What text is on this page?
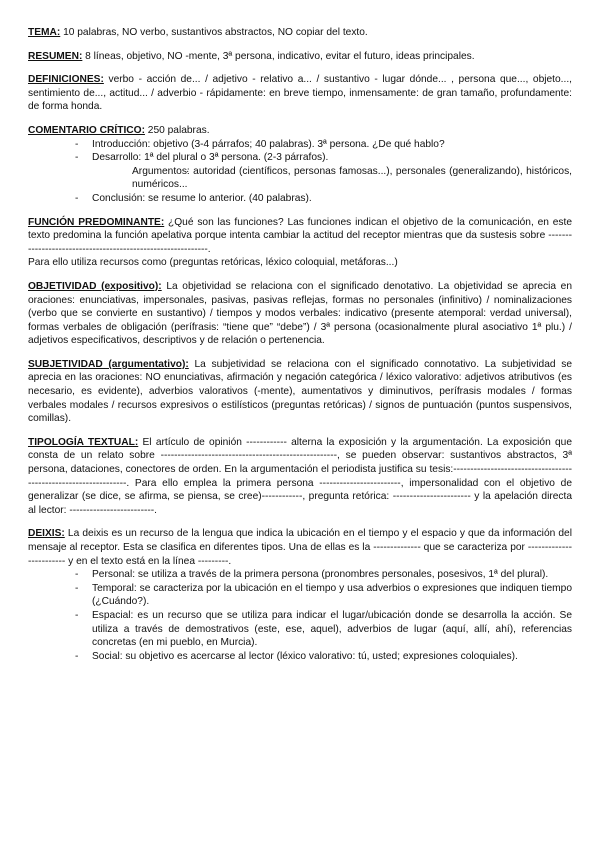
TEMA: 10 palabras, NO verbo, sustantivos abstractos, NO copiar del texto.

RESUMEN: 8 líneas, objetivo, NO -mente, 3ª persona, indicativo, evitar el futuro, ideas principales.

DEFINICIONES: verbo - acción de... / adjetivo - relativo a... / sustantivo - lugar dónde... , persona que..., objeto..., sentimiento de..., actitud... / adverbio - rápidamente: en breve tiempo, inmensamente: de gran tamaño, profundamente: de forma honda.

COMENTARIO CRÍTICO: 250 palabras.

- Introducción: objetivo (3-4 párrafos; 40 palabras). 3ª persona. ¿De qué hablo?
- Desarrollo: 1ª del plural o 3ª persona. (2-3 párrafos).
· Argumentos: autoridad (científicos, personas famosas...), personales (generalizando), históricos, numéricos...
- Conclusión: se resume lo anterior. (40 palabras).

FUNCIÓN PREDOMINANTE: ¿Qué son las funciones? Las funciones indican el objetivo de la comunicación, en este texto predomina la función apelativa porque intenta cambiar la actitud del receptor mientras que da sustesis sobre ------------------------------------------------------------.

Para ello utiliza recursos como (preguntas retóricas, léxico coloquial, metáforas...)

OBJETIVIDAD (expositivo): La objetividad se relaciona con el significado denotativo. La objetividad se aprecia en oraciones: enunciativas, impersonales, pasivas, pasivas reflejas, formas no personales (infinitivo) / nominalizaciones (verbo que se convierte en sustantivo) / tiempos y modos verbales: indicativo (presente atemporal: verdad universal), formas verbales de obligación (perífrasis: “tiene que” “debe”) / 3ª persona (ocasionalmente plural asociativo 1ª plu.) / adjetivos especificativos, descriptivos y de relación o pertenencia.

SUBJETIVIDAD (argumentativo): La subjetividad se relaciona con el significado connotativo. La subjetividad se aprecia en las oraciones: NO enunciativas, afirmación y negación categórica / léxico valorativo: adjetivos atributivos (es necesario, es evidente), adverbios valorativos (-mente), aumentativos y diminutivos, perífrasis modales / formas verbales modales / recursos expresivos o estilísticos (preguntas retóricas) / signos de puntuación (puntos suspensivos, comillas).

TIPOLOGÍA TEXTUAL: El artículo de opinión ------------ alterna la exposición y la argumentación. La exposición que consta de un relato sobre ----------------------------------------------------, se pueden observar: sustantivos abstractos, 3ª persona, dataciones, conectores de orden. En la argumentación el periodista justifica su tesis:----------------------------------------------------------------. Para ello emplea la primera persona ------------------------, impersonalidad con el objetivo de generalizar (se dice, se afirma, se piensa, se cree)------------, pregunta retórica: ----------------------- y la apelación directa al lector: -------------------------.

DEIXIS: La deixis es un recurso de la lengua que indica la ubicación en el tiempo y el espacio y que da información del mensaje al receptor. Esta se clasifica en diferentes tipos. Una de ellas es la -------------- que se caracteriza por ------------------------ y en el texto está en la línea ---------.

- Personal: se utiliza a través de la primera persona (pronombres personales, posesivos, 1ª del plural).
- Temporal: se caracteriza por la ubicación en el tiempo y usa adverbios o expresiones que indiquen tiempo (¿Cuándo?).
- Espacial: es un recurso que se utiliza para indicar el lugar/ubicación donde se desarrolla la acción. Se utiliza a través de demostrativos (este, ese, aquel), adverbios de lugar (aquí, allí, ahí), referencias concretas (en mi pueblo, en Murcia).
- Social: su objetivo es acercarse al lector (léxico valorativo: tú, usted; expresiones coloquiales).
